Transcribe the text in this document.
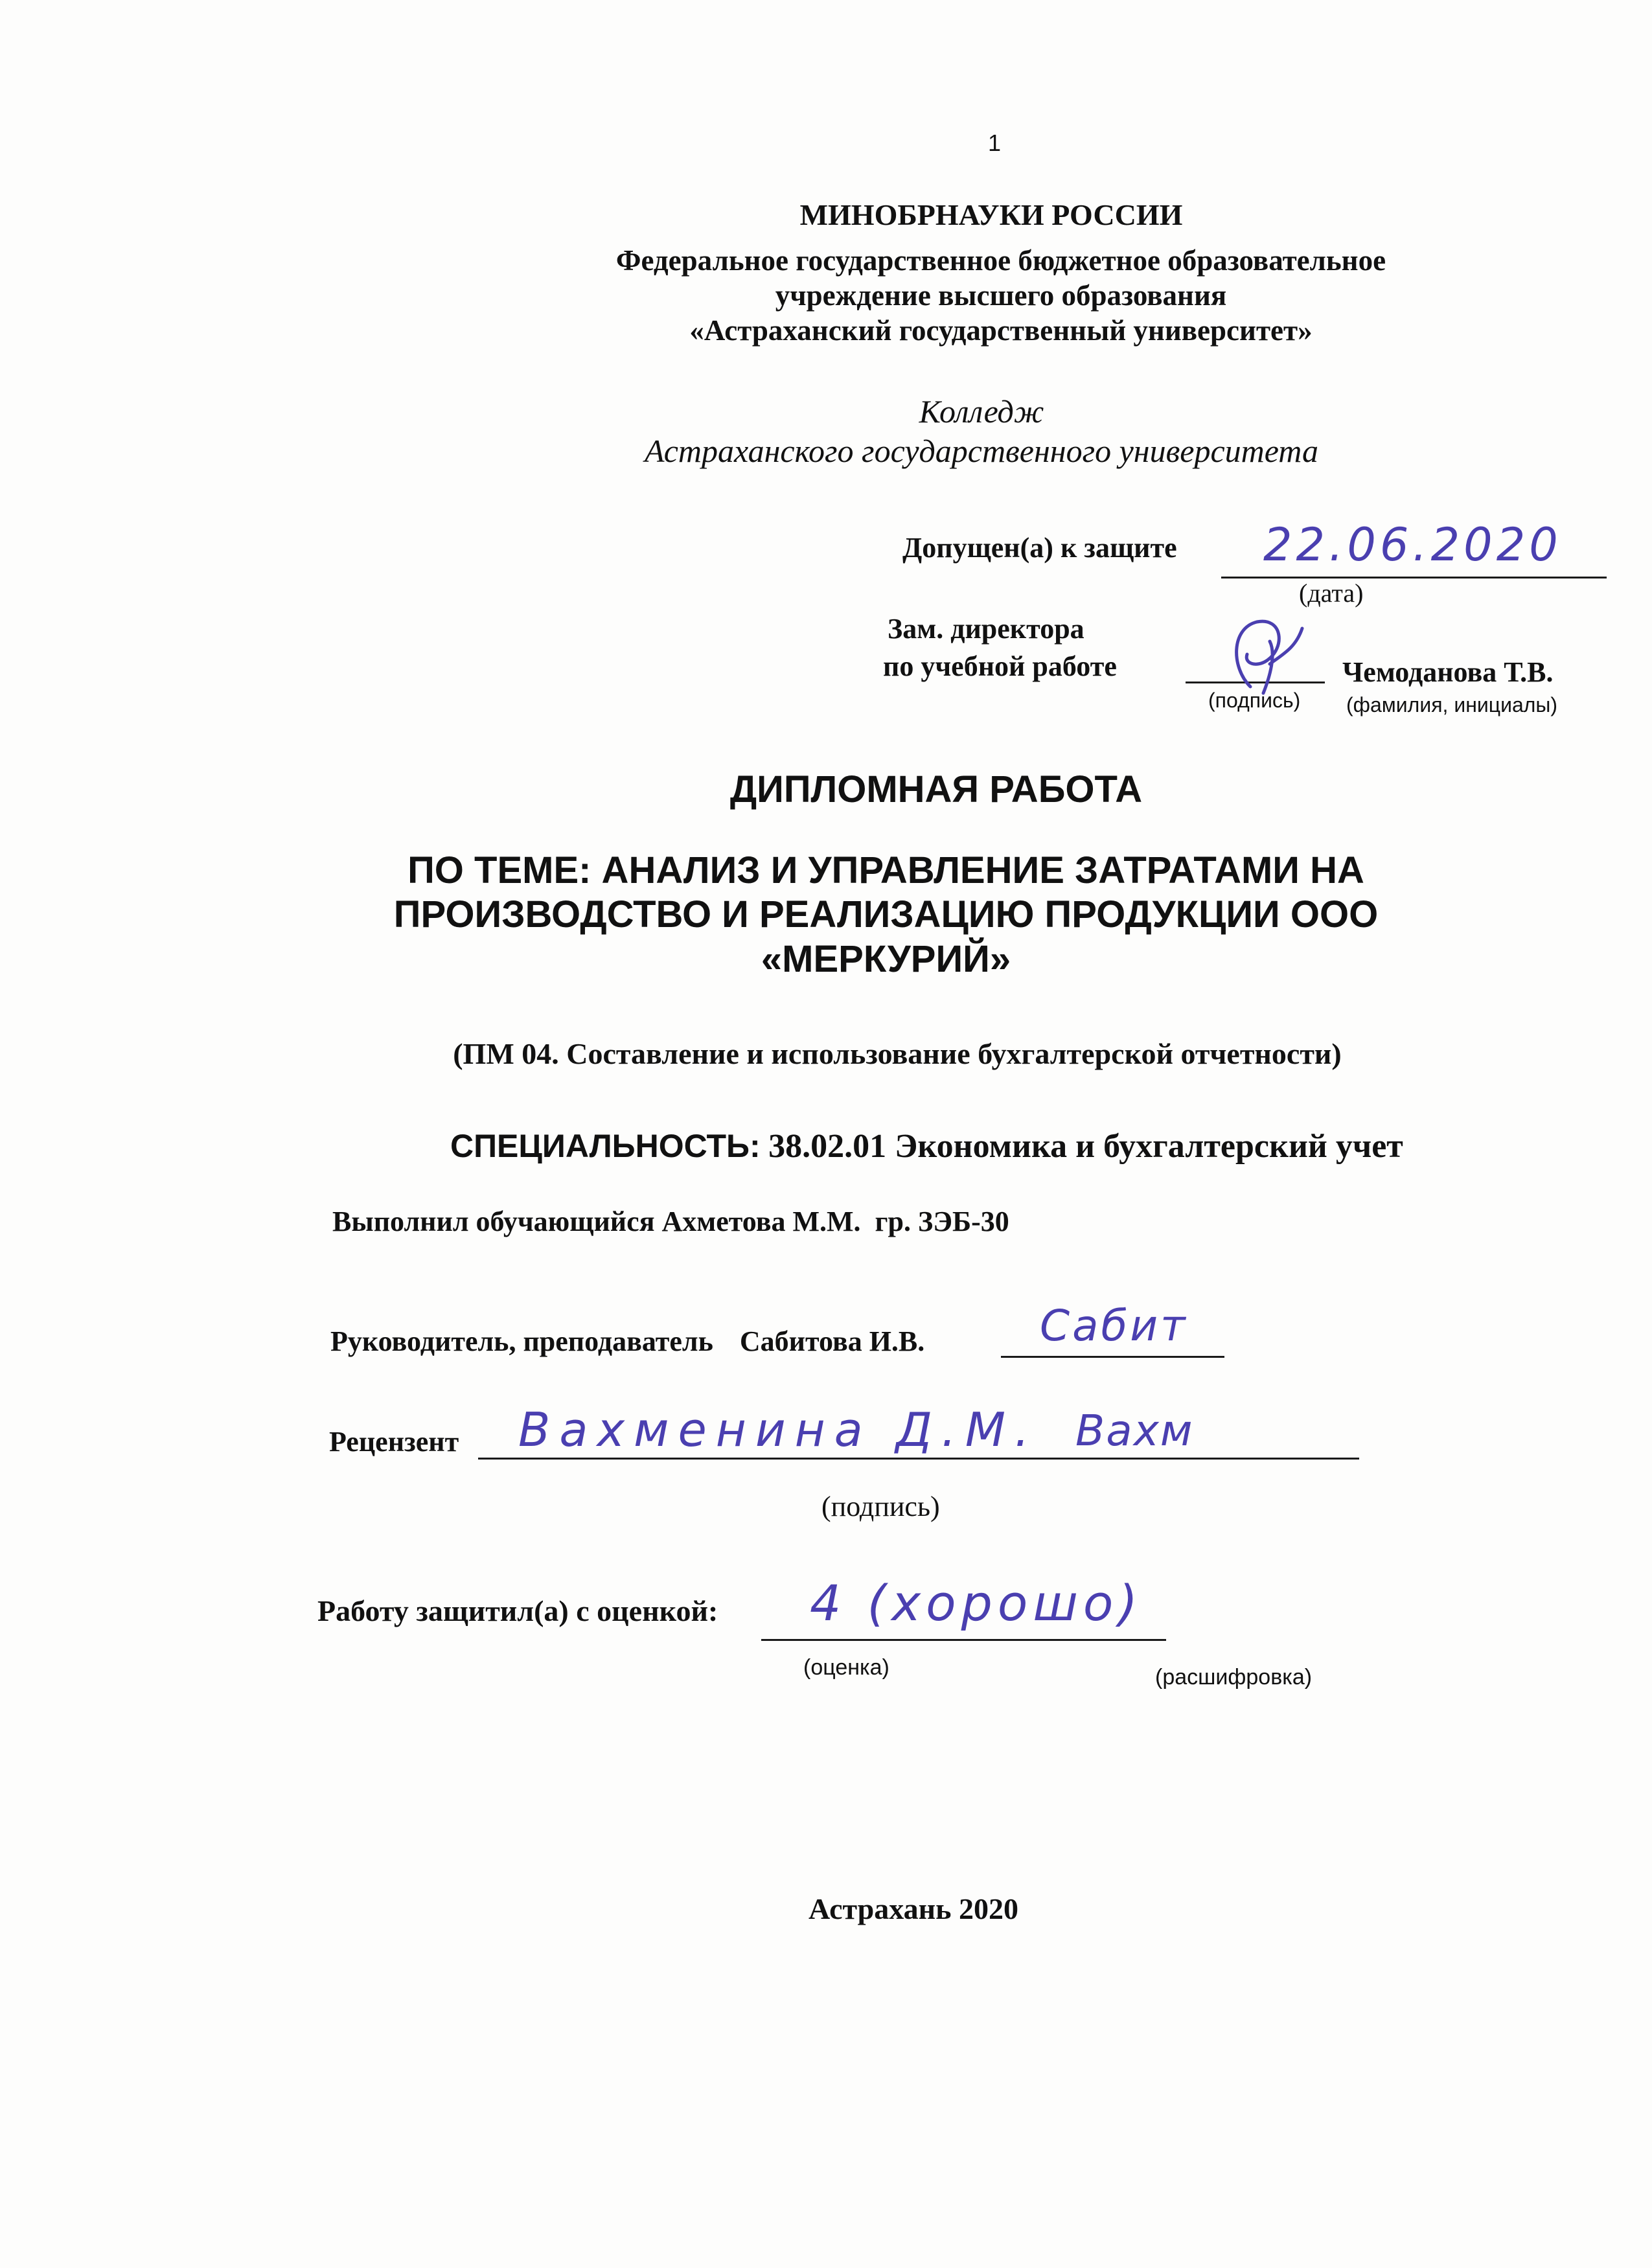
1
МИНОБРНАУКИ РОССИИ
Федеральное государственное бюджетное образовательное
учреждение высшего образования
«Астраханский государственный университет»
Колледж
Астраханского государственного университета
Допущен(а) к защите 22.06.2020
(дата)
Зам. директора
по учебной работе	Чемоданова Т.В.
(подпись) (фамилия, инициалы)
ДИПЛОМНАЯ РАБОТА
ПО ТЕМЕ: АНАЛИЗ И УПРАВЛЕНИЕ ЗАТРАТАМИ НА
ПРОИЗВОДСТВО И РЕАЛИЗАЦИЮ ПРОДУКЦИИ ООО
«МЕРКУРИЙ»
(ПМ 04. Составление и использование бухгалтерской отчетности)
СПЕЦИАЛЬНОСТЬ: 38.02.01 Экономика и бухгалтерский учет
Выполнил обучающийся Ахметова М.М.  гр. ЗЭБ-30
Руководитель, преподаватель Сабитова И.В.	Сабит
Рецензент Вахменина Д.М. Вахм
(подпись)
Работу защитил(а) с оценкой: 4 (хорошо)
(оценка)	(расшифровка)
Астрахань 2020
